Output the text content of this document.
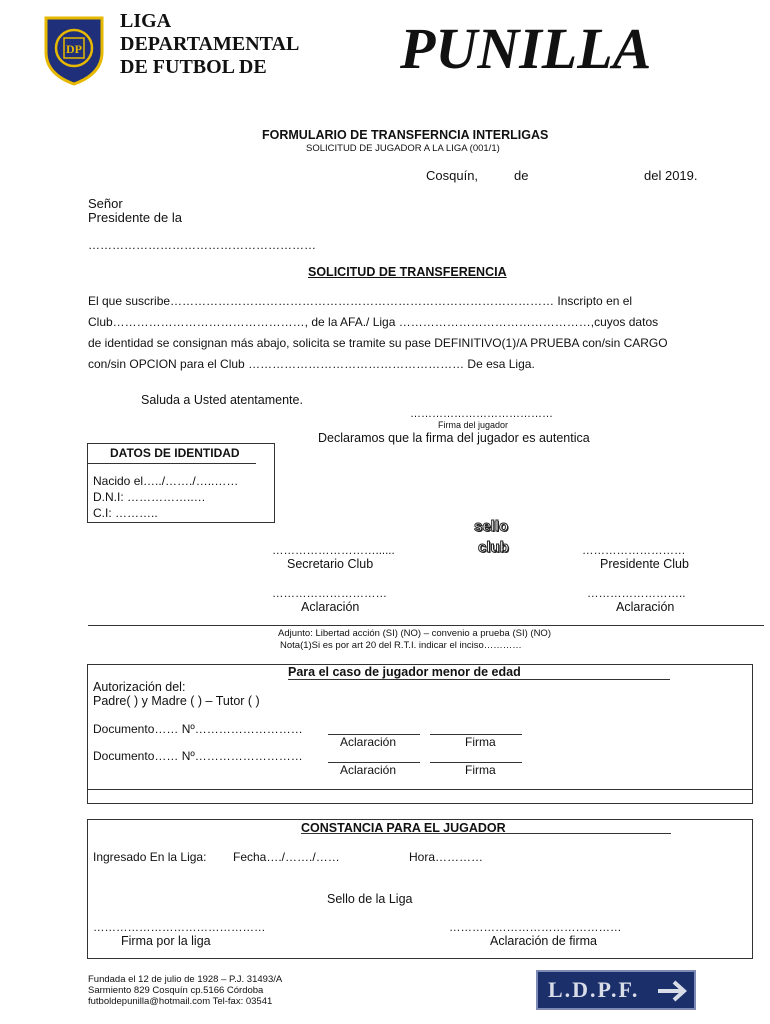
DP
LIGA
DEPARTAMENTAL
DE FUTBOL DE PUNILLA
FORMULARIO DE TRANSFERNCIA INTERLIGAS
SOLICITUD DE JUGADOR A LA LIGA (001/1)
Cosquín,	de	del 2019.
Señor
Presidente de la
…………………………………………………
SOLICITUD DE TRANSFERENCIA
El que suscribe…………………………………………………………………………………… Inscripto en el
Club…………………………………………, de la AFA./ Liga …………………………………………,cuyos datos
de identidad se consignan más abajo, solicita se tramite su pase DEFINITIVO(1)/A PRUEBA con/sin CARGO
con/sin OPCION para el Club ……………………………………………… De esa Liga.
Saluda a Usted atentamente.
…………………………………
Firma del jugador
Declaramos que la firma del jugador es autentica
DATOS DE IDENTIDAD
Nacido el…../……./…..……
D.N.I: ……………..…
C.I: ………..
sello
club
………………………......
Secretario Club
………………………
Presidente Club
…………………………
Aclaración
……………………..
Aclaración
Adjunto: Libertad acción (SI) (NO) – convenio a prueba (SI) (NO)
Nota(1)Si es por art 20 del R.T.I. indicar el inciso…………
Para el caso de jugador menor de edad
Autorización del:
Padre( ) y Madre ( ) – Tutor ( )
Documento…… Nº………………………
Aclaración	Firma
Documento…… Nº………………………
Aclaración	Firma
CONSTANCIA PARA EL JUGADOR
Ingresado En la Liga: Fecha…./……./……	Hora…………
Sello de la Liga
………………………………………	………………………………………
Firma por la liga	Aclaración de firma
Fundada el 12 de julio de 1928 – P.J. 31493/A
Sarmiento 829 Cosquín cp.5166 Córdoba
futboldepunilla@hotmail.com Tel-fax: 03541	L.D.P.F.
